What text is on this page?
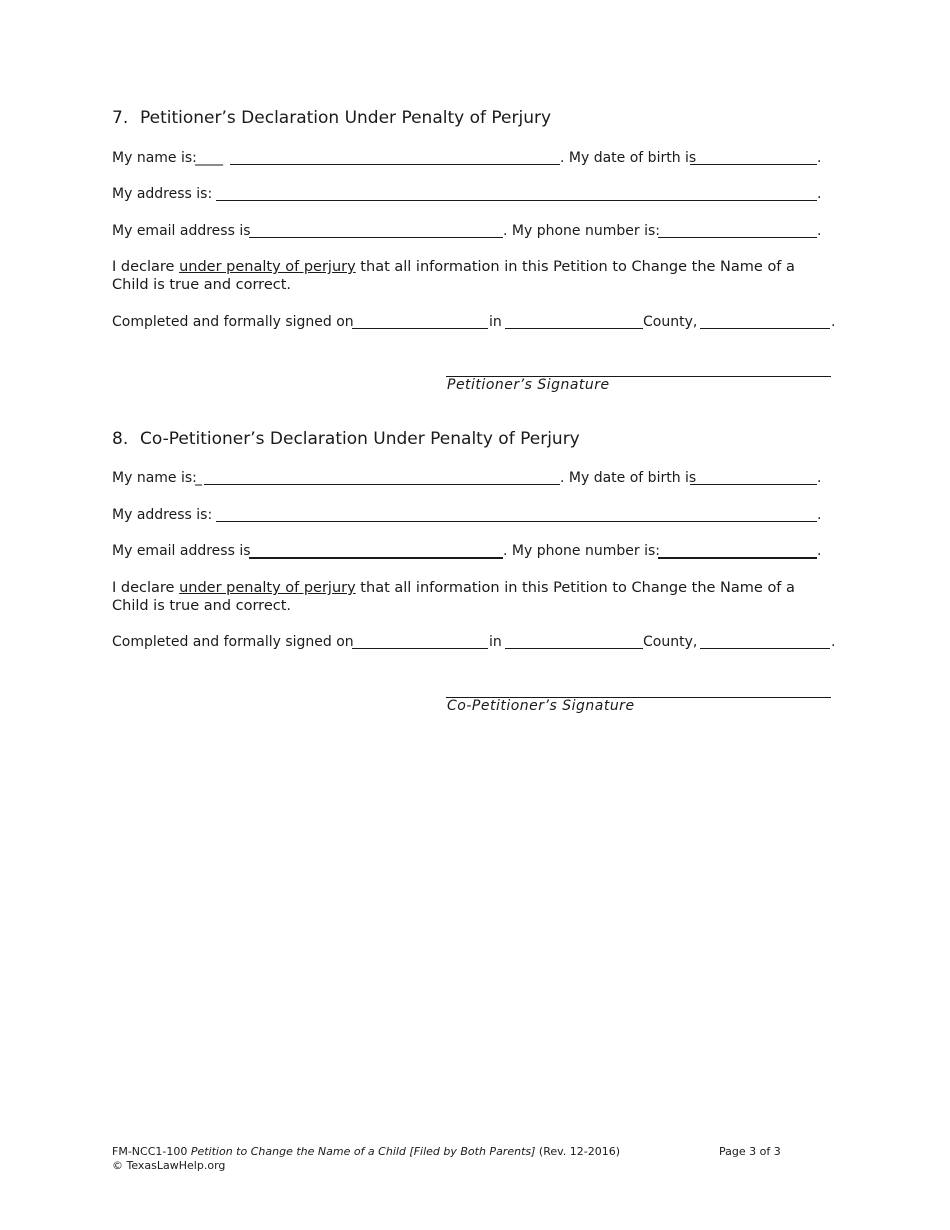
7. Petitioner’s Declaration Under Penalty of Perjury
My name is:
____	. My date of birth is	.
My address is:	.
My email address is	. My phone number is:	.
I declare under penalty of perjury that all information in this Petition to Change the Name of a Child is true and correct.
Completed and formally signed on	in	County,	.
Petitioner’s Signature
8. Co-Petitioner’s Declaration Under Penalty of Perjury
My name is:
_	. My date of birth is	.
My address is:	.
My email address is	. My phone number is:	.
I declare under penalty of perjury that all information in this Petition to Change the Name of a Child is true and correct.
Completed and formally signed on	in	County,	.
Co-Petitioner’s Signature
FM-NCC1-100 Petition to Change the Name of a Child [Filed by Both Parents] (Rev. 12-2016)
© TexasLawHelp.org
Page 3 of 3
